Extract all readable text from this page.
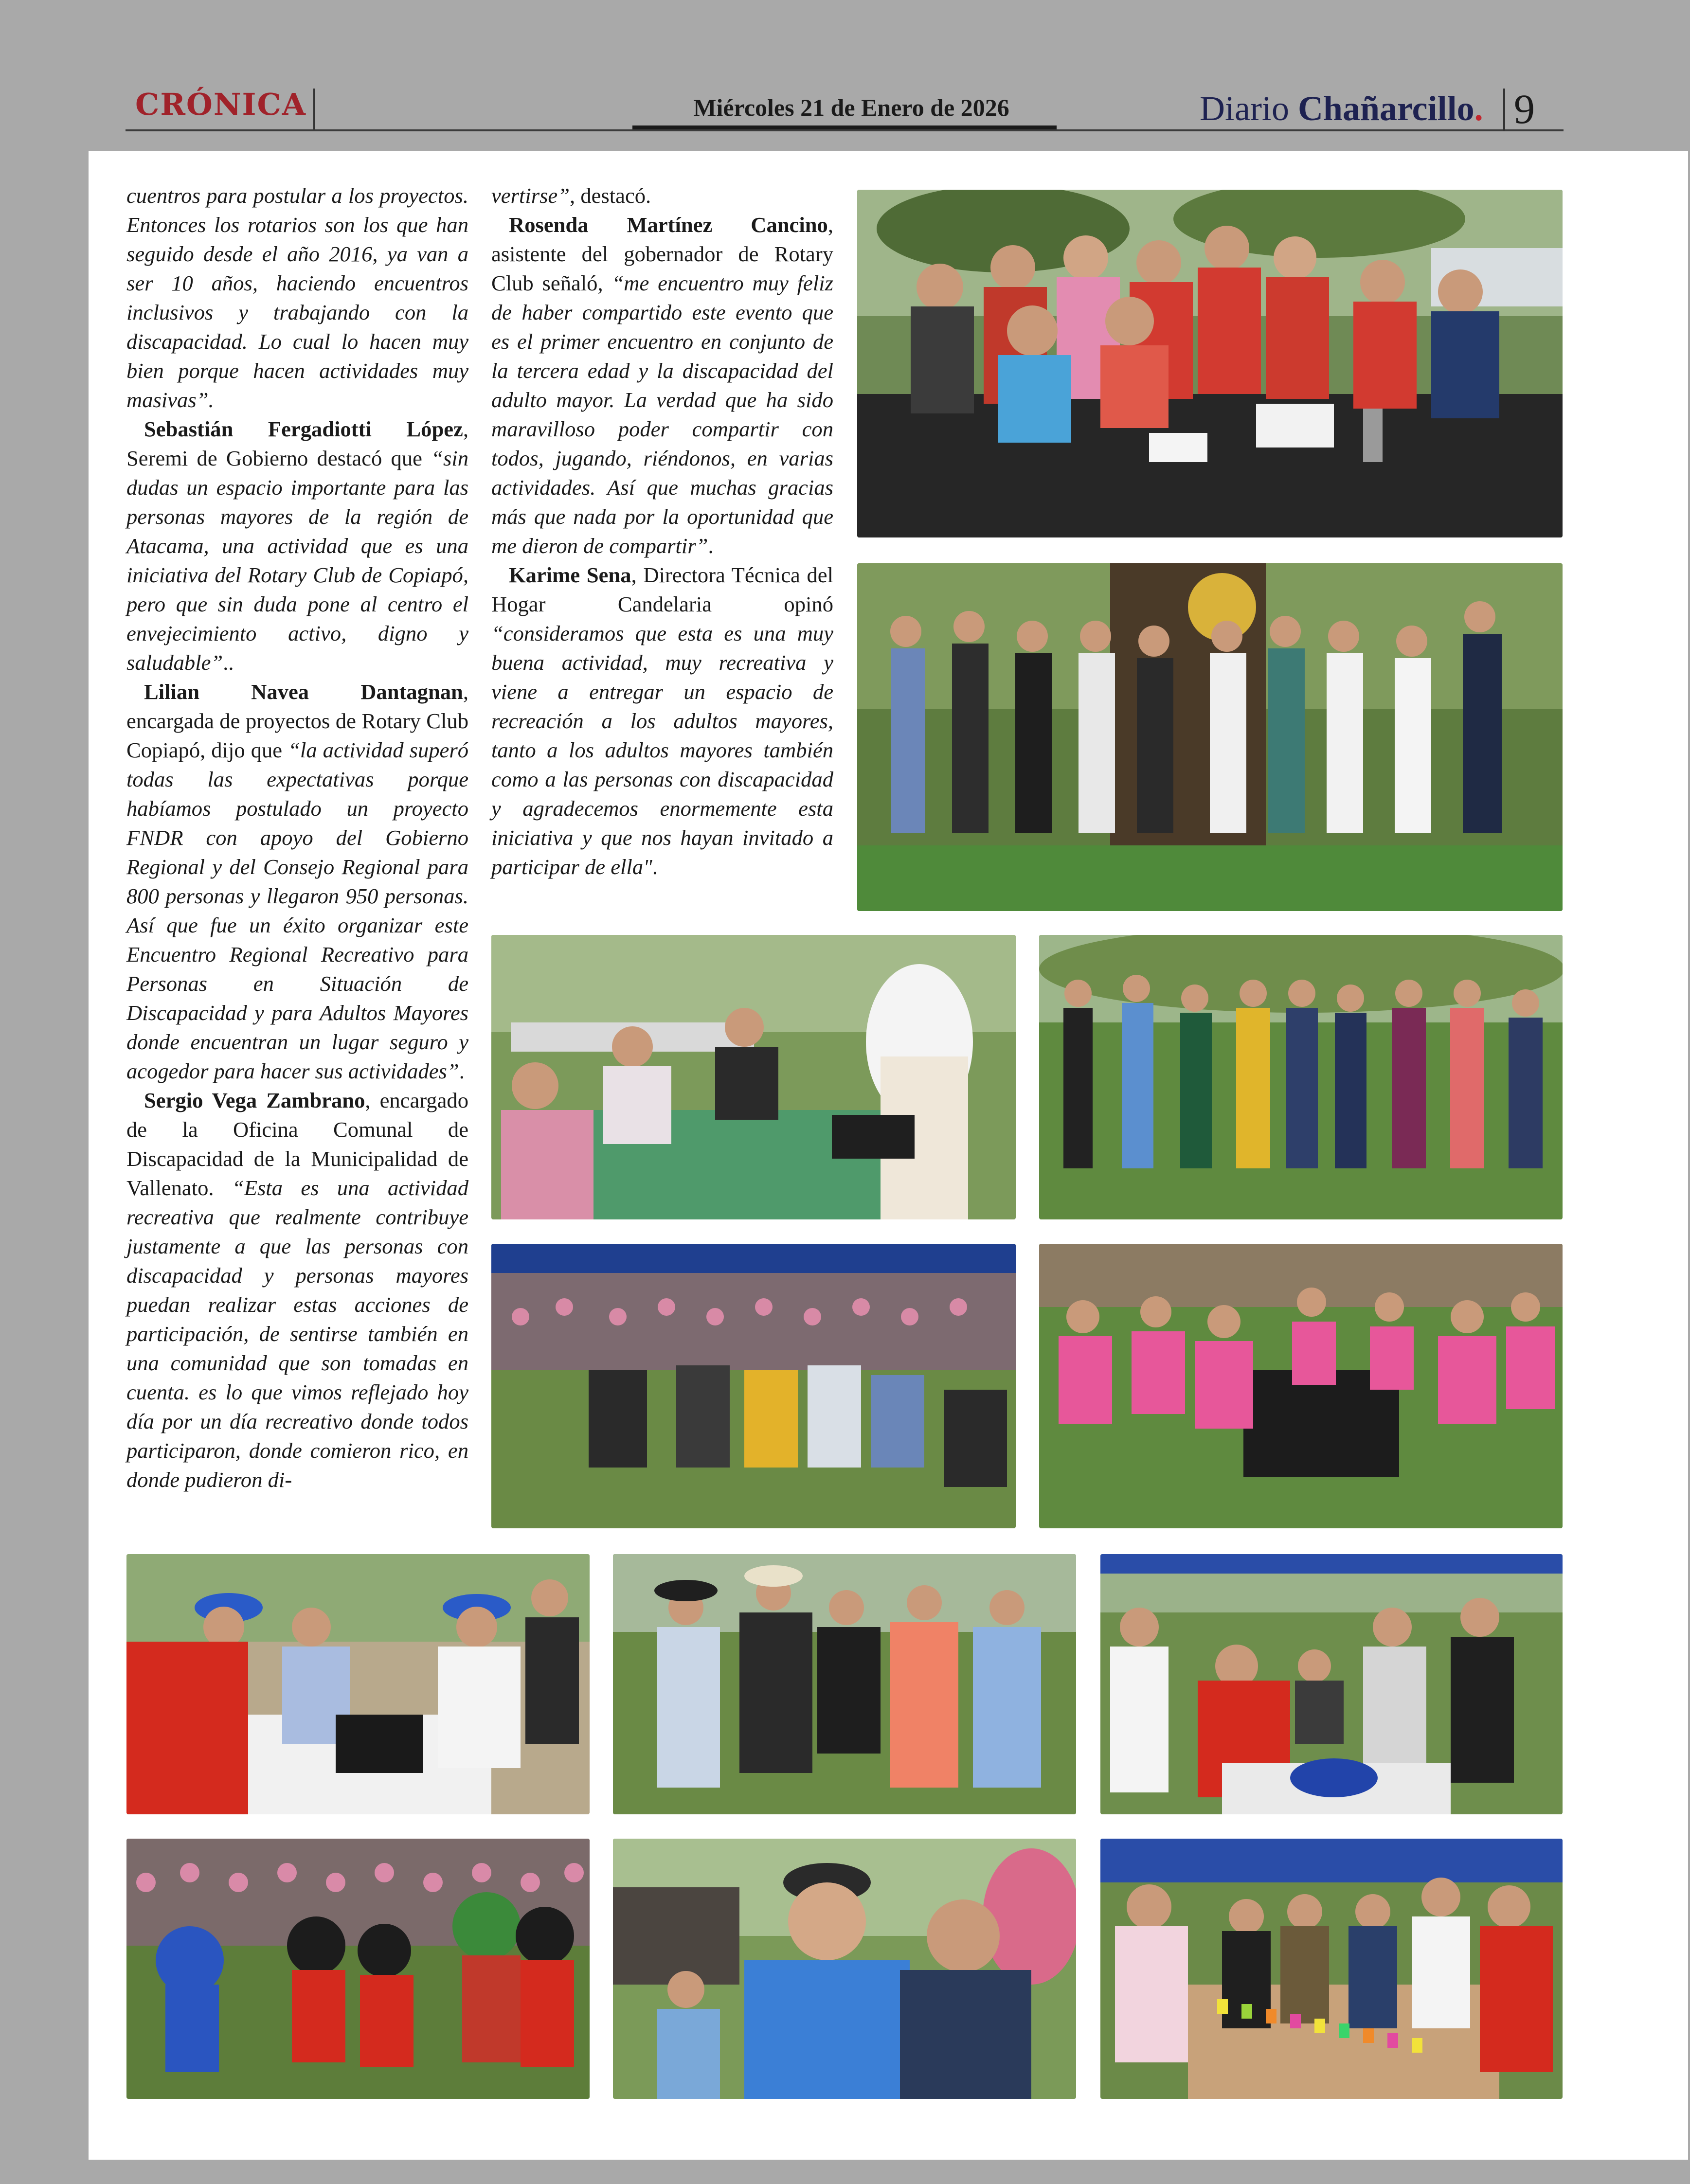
CRÓNICA	Miércoles 21 de Enero de 2026	Diario Chañarcillo. 9

cuentros para postular a los proyectos. Entonces los rotarios son los que han seguido desde el año 2016, ya van a ser 10 años, haciendo encuentros inclusivos y trabajando con la discapacidad. Lo cual lo hacen muy bien porque hacen actividades muy masivas”.

Sebastián Fergadiotti López, Seremi de Gobierno destacó que “sin dudas un espacio importante para las personas mayores de la región de Atacama, una actividad que es una iniciativa del Rotary Club de Copiapó, pero que sin duda pone al centro el envejecimiento activo, digno y saludable”..

Lilian Navea Dantagnan, encargada de proyectos de Rotary Club Copiapó, dijo que “la actividad superó todas las expectativas porque habíamos postulado un proyecto FNDR con apoyo del Gobierno Regional y del Consejo Regional para 800 personas y llegaron 950 personas. Así que fue un éxito organizar este Encuentro Regional Recreativo para Personas en Situación de Discapacidad y para Adultos Mayores donde encuentran un lugar seguro y acogedor para hacer sus actividades”.

Sergio Vega Zambrano, encargado de la Oficina Comunal de Discapacidad de la Municipalidad de Vallenato. “Esta es una actividad recreativa que realmente contribuye justamente a que las personas con discapacidad y personas mayores puedan realizar estas acciones de participación, de sentirse también en una comunidad que son tomadas en cuenta. es lo que vimos reflejado hoy día por un día recreativo donde todos participaron, donde comieron rico, en donde pudieron di-

vertirse”, destacó.

Rosenda Martínez Cancino, asistente del gobernador de Rotary Club señaló, “me encuentro muy feliz de haber compartido este evento que es el primer encuentro en conjunto de la tercera edad y la discapacidad del adulto mayor. La verdad que ha sido maravilloso poder compartir con todos, jugando, riéndonos, en varias actividades. Así que muchas gracias más que nada por la oportunidad que me dieron de compartir”.

Karime Sena, Directora Técnica del Hogar Candelaria opinó “consideramos que esta es una muy buena actividad, muy recreativa y viene a entregar un espacio de recreación a los adultos mayores, tanto a los adultos mayores también como a las personas con discapacidad y agradecemos enormemente esta iniciativa y que nos hayan invitado a participar de ella".
